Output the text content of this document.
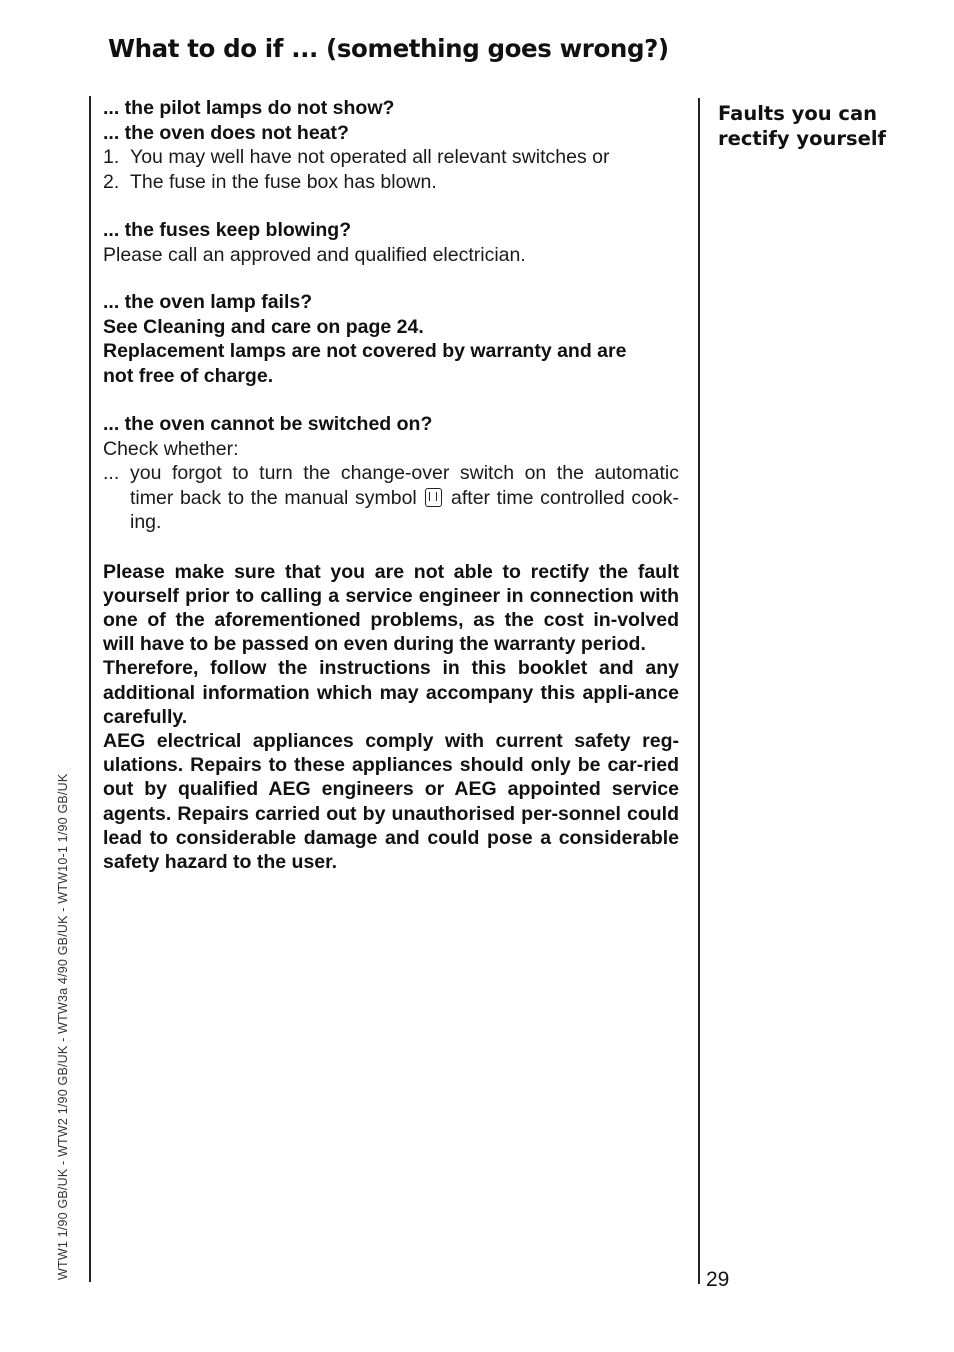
What to do if ... (something goes wrong?)
Faults you can rectify yourself
... the pilot lamps do not show?
... the oven does not heat?
1. You may well have not operated all relevant switches or
2. The fuse in the fuse box has blown.
... the fuses keep blowing?
Please call an approved and qualified electrician.
... the oven lamp fails?
See Cleaning and care on page 24.
Replacement lamps are not covered by warranty and are
not free of charge.
... the oven cannot be switched on?
Check whether:
... you forgot to turn the change-over switch on the automatic timer back to the manual symbol after time controlled cook-ing.
Please make sure that you are not able to rectify the fault yourself prior to calling a service engineer in connection with one of the aforementioned problems, as the cost in-volved will have to be passed on even during the warranty period.
Therefore, follow the instructions in this booklet and any additional information which may accompany this appli-ance carefully.
AEG electrical appliances comply with current safety reg-ulations. Repairs to these appliances should only be car-ried out by qualified AEG engineers or AEG appointed service agents. Repairs carried out by unauthorised per-sonnel could lead to considerable damage and could pose a considerable safety hazard to the user.
29
WTW1 1/90 GB/UK - WTW2 1/90 GB/UK - WTW3a 4/90 GB/UK - WTW10-1 1/90 GB/UK
